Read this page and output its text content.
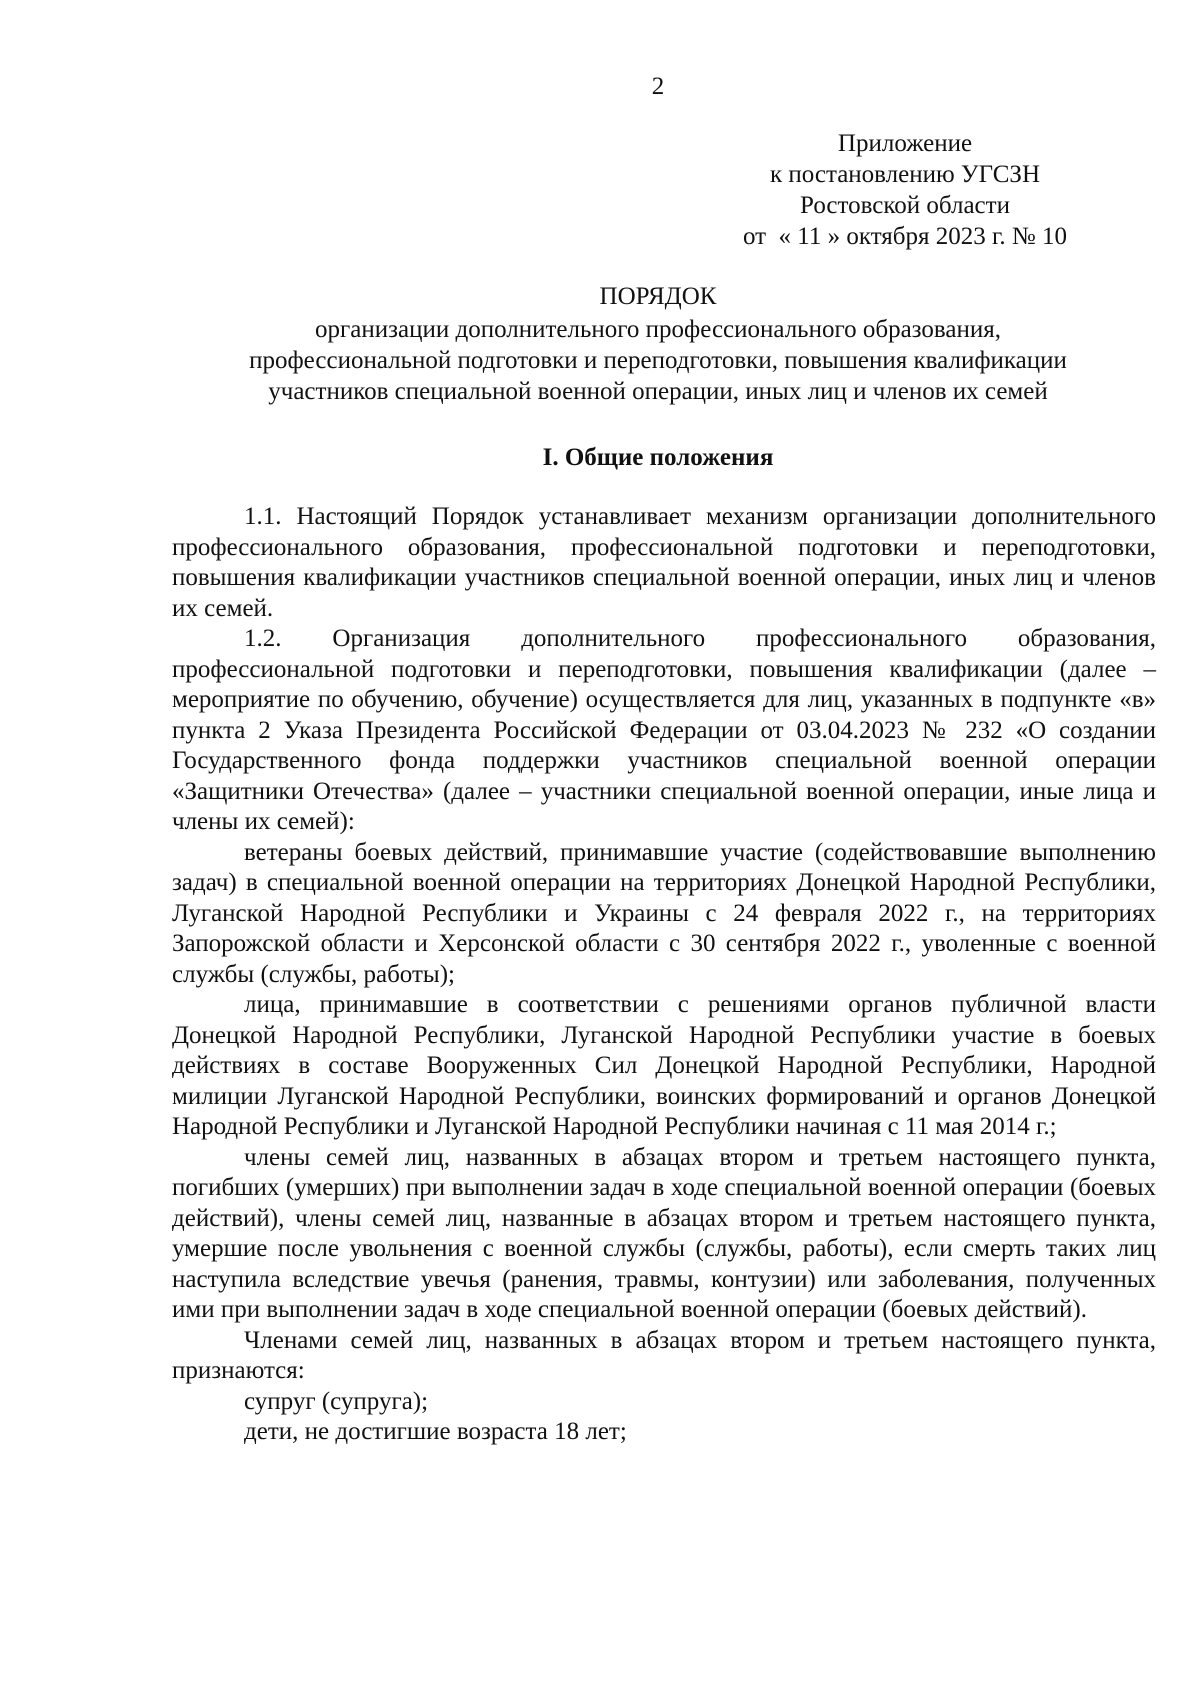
2
Приложение
к постановлению УГСЗН
Ростовской области
от  « 11 » октября 2023 г. № 10
ПОРЯДОК
организации дополнительного профессионального образования,
профессиональной подготовки и переподготовки, повышения квалификации
участников специальной военной операции, иных лиц и членов их семей
I. Общие положения

1.1. Настоящий Порядок устанавливает механизм организации дополнительного профессионального образования, профессиональной подготовки и переподготовки, повышения квалификации участников специальной военной операции, иных лиц и членов их семей.

1.2. Организация дополнительного профессионального образования, профессиональной подготовки и переподготовки, повышения квалификации (далее – мероприятие по обучению, обучение) осуществляется для лиц, указанных в подпункте «в» пункта 2 Указа Президента Российской Федерации от 03.04.2023 № 232 «О создании Государственного фонда поддержки участников специальной военной операции «Защитники Отечества» (далее – участники специальной военной операции, иные лица и члены их семей):

ветераны боевых действий, принимавшие участие (содействовавшие выполнению задач) в специальной военной операции на территориях Донецкой Народной Республики, Луганской Народной Республики и Украины с 24 февраля 2022 г., на территориях Запорожской области и Херсонской области с 30 сентября 2022 г., уволенные с военной службы (службы, работы);

лица, принимавшие в соответствии с решениями органов публичной власти Донецкой Народной Республики, Луганской Народной Республики участие в боевых действиях в составе Вооруженных Сил Донецкой Народной Республики, Народной милиции Луганской Народной Республики, воинских формирований и органов Донецкой Народной Республики и Луганской Народной Республики начиная с 11 мая 2014 г.;

члены семей лиц, названных в абзацах втором и третьем настоящего пункта, погибших (умерших) при выполнении задач в ходе специальной военной операции (боевых действий), члены семей лиц, названные в абзацах втором и третьем настоящего пункта, умершие после увольнения с военной службы (службы, работы), если смерть таких лиц наступила вследствие увечья (ранения, травмы, контузии) или заболевания, полученных ими при выполнении задач в ходе специальной военной операции (боевых действий).

Членами семей лиц, названных в абзацах втором и третьем настоящего пункта, признаются:

супруг (супруга);

дети, не достигшие возраста 18 лет;
